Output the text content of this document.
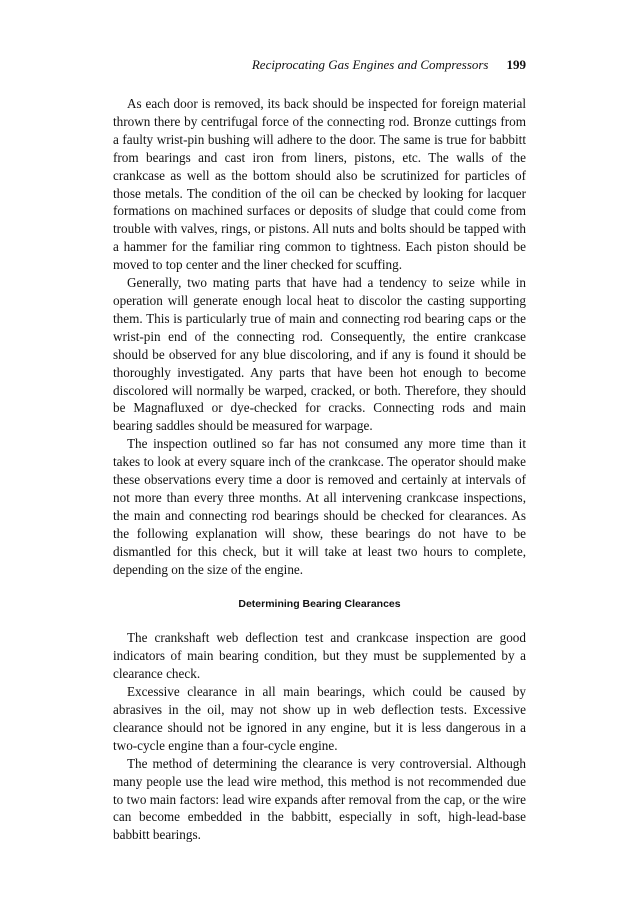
Reciprocating Gas Engines and Compressors 199

As each door is removed, its back should be inspected for foreign material thrown there by centrifugal force of the connecting rod. Bronze cuttings from a faulty wrist-pin bushing will adhere to the door. The same is true for babbitt from bearings and cast iron from liners, pistons, etc. The walls of the crankcase as well as the bottom should also be scrutinized for particles of those metals. The condition of the oil can be checked by looking for lacquer formations on machined surfaces or deposits of sludge that could come from trouble with valves, rings, or pistons. All nuts and bolts should be tapped with a hammer for the familiar ring common to tightness. Each piston should be moved to top center and the liner checked for scuffing.

Generally, two mating parts that have had a tendency to seize while in operation will generate enough local heat to discolor the casting supporting them. This is particularly true of main and connecting rod bearing caps or the wrist-pin end of the connecting rod. Consequently, the entire crankcase should be observed for any blue discoloring, and if any is found it should be thoroughly investigated. Any parts that have been hot enough to become discolored will normally be warped, cracked, or both. Therefore, they should be Magnafluxed or dye-checked for cracks. Connecting rods and main bearing saddles should be measured for warpage.

The inspection outlined so far has not consumed any more time than it takes to look at every square inch of the crankcase. The operator should make these observations every time a door is removed and certainly at intervals of not more than every three months. At all intervening crankcase inspections, the main and connecting rod bearings should be checked for clearances. As the following explanation will show, these bearings do not have to be dismantled for this check, but it will take at least two hours to complete, depending on the size of the engine.

Determining Bearing Clearances

The crankshaft web deflection test and crankcase inspection are good indicators of main bearing condition, but they must be supplemented by a clearance check.

Excessive clearance in all main bearings, which could be caused by abrasives in the oil, may not show up in web deflection tests. Excessive clearance should not be ignored in any engine, but it is less dangerous in a two-cycle engine than a four-cycle engine.

The method of determining the clearance is very controversial. Although many people use the lead wire method, this method is not recommended due to two main factors: lead wire expands after removal from the cap, or the wire can become embedded in the babbitt, especially in soft, high-lead-base babbitt bearings.
